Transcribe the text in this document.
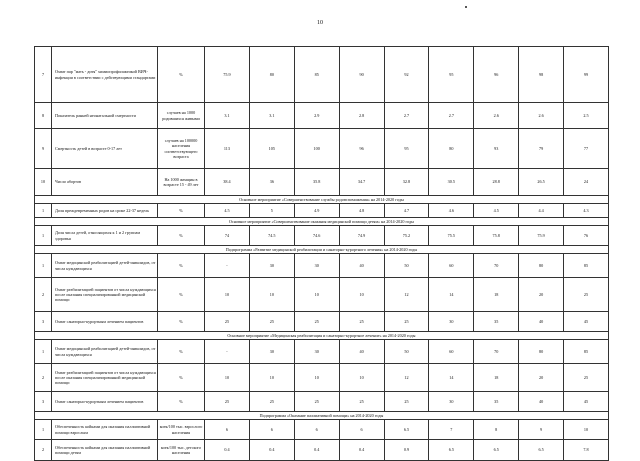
10
7	Охват пар "мать - дитя" химиопрофилактикой ВИЧ-инфекции в соответствии с действующими стандартами	%	75.9	80	85	90	92	95	96	98	99
8	Показатель ранней неонатальной смертности	случаев на 1000 родившихся живыми	3.1	3.1	2.9	2.8	2.7	2.7	2.6	2.6	2.5
9	Смертность детей в возрасте 0-17 лет	случаев на 100000 населения соответствующего возраста	113	105	100	96	95	80	93	79	77
10	Число абортов	На 1000 женщин в возрасте 15 - 49 лет	38.4	36	35.8	34.7	32.8	30.5	28.8	26.5	24
Основное мероприятие «Совершенствование службы родовспоможения» на 2014-2020 годы											
1	Доля преждевременных родов на сроке 22-37 недель	%	4.5	5	4.9	4.8	4.7	4.6	4.5	4.4	4.3
Основное мероприятие «Совершенствование оказания медицинской помощи детям» на 2014-2020 годы											
1	Доля числа детей, относящихся к 1 и 2 группам здоровья	%	74	74.5	74.6	74.9	75.2	75.5	75.8	75.9	76
Подпрограмма «Развитие медицинской реабилитации и санаторно-курортного лечения» на 2014-2020 годы											
1	Охват медицинской реабилитацией детей-инвалидов, от числа нуждающихся	%	-	30	30	40	50	60	70	80	85
2	Охват реабилитацией пациентов от числа нуждающихся после оказания специализированной медицинской помощи	%	10	10	10	10	12	14	18	20	25
3	Охват санаторно-курортным лечением пациентов	%	25	25	25	25	25	30	35	40	45
Основное мероприятие «Медицинская реабилитация и санаторно-курортное лечение» на 2014-2020 годы											
1	Охват медицинской реабилитацией детей-инвалидов, от числа нуждающихся	%	-	30	30	40	50	60	70	80	85
2	Охват реабилитацией пациентов от числа нуждающихся после оказания специализированной медицинской помощи	%	10	10	10	10	12	14	18	20	25
3	Охват санаторно-курортным лечением пациентов	%	25	25	25	25	25	30	35	40	45
Подпрограмма «Оказание паллиативной помощи» на 2014-2020 годы											
1	Обеспеченность койками для оказания паллиативной помощи взрослым	коек/100 тыс. взрослого населения	6	6	6	6	6.5	7	8	9	10
2	Обеспеченность койками для оказания паллиативной помощи детям	коек/100 тыс. детского населения	0.4	0.4	0.4	0.4	0.9	6.5	6.5	6.5	7.8
